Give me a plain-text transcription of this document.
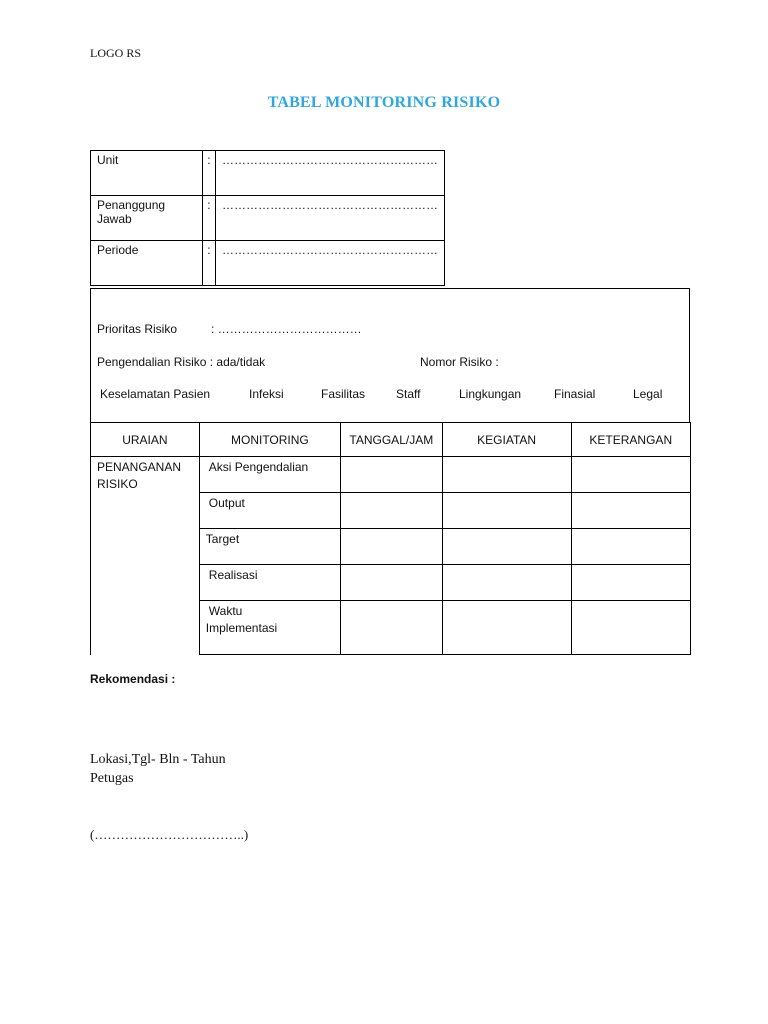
LOGO RS
TABEL MONITORING RISIKO
Unit	:	………………………………………………
Penanggung Jawab	:	………………………………………………
Periode	:	………………………………………………
Prioritas Risiko	: ………………………………
Pengendalian Risiko : ada/tidak	Nomor Risiko :
Keselamatan Pasien	Infeksi	Fasilitas	Staff	Lingkungan	Finasial	Legal
URAIAN	MONITORING	TANGGAL/JAM	KEGIATAN	KETERANGAN

PENANGANAN
RISIKO	Aksi Pengendalian			
	Output			
	Target			
	Realisasi			

	Waktu
Implementasi			

Rekomendasi :
Lokasi,Tgl- Bln - Tahun
Petugas
(……………………………..)
